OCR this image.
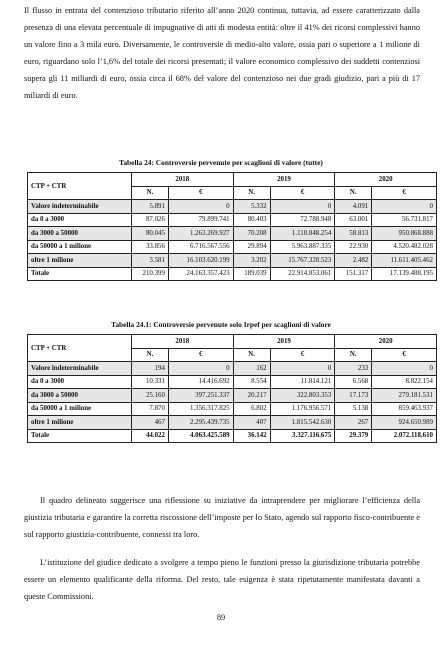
Il flusso in entrata del contenzioso tributario riferito all’anno 2020 continua, tuttavia, ad essere caratterizzato dalla presenza di una elevata percentuale di impugnative di atti di modesta entità: oltre il 41% dei ricorsi complessivi hanno un valore fino a 3 mila euro. Diversamente, le controversie di medio-alto valore, ossia pari o superiore a 1 milione di euro, riguardano solo l’1,6% del totale dei ricorsi presentati; il valore economico complessivo dei suddetti contenziosi supera gli 11 miliardi di euro, ossia circa il 68% del valore del contenzioso nei due gradi giudizio, pari a più di 17 miliardi di euro.

Tabella 24: Controversie pervenute per scaglioni di valore (tutte)

CTP + CTR	2018		2019		2020	
	N.	€	N.	€	N.	€
Valore indeterminabile	5.891	0	5.332	0	4.091	0
da 0 a 3000	87.026	79.899.741	80.403	72.788.948	63.001	56.731.817
da 3000 a 50000	80.045	1.263.269.927	70.208	1.110.848.254	58.813	950.868.888
da 50000 a 1 milione	33.856	6.716.567.556	29.894	5.963.887.335	22.930	4.520.482.028
oltre 1 milione	3.581	16.103.620.199	3.202	15.767.328.523	2.482	11.611.405.462
Totale	210.399	24.163.357.423	189.039	22.914.853.061	151.317	17.139.488.195

Tabella 24.1: Controversie pervenute solo Irpef per scaglioni di valore

CTP + CTR	2018		2019		2020	
	N.	€	N.	€	N.	€
Valore indeterminabile	194	0	162	0	233	0
da 0 a 3000	10.331	14.416.692	8.554	11.814.121	6.568	8.822.154
da 3000 a 50000	25.160	397.251.337	20.217	322.803.353	17.173	279.181.531
da 50000 a 1 milione	7.870	1.356.317.825	6.802	1.176.956.571	5.138	859.463.937
oltre 1 milione	467	2.295.439.735	407	1.815.542.630	267	924.650.989
Totale	44.022	4.063.425.589	36.142	3.327.116.675	29.379	2.072.118.610

Il quadro delineato suggerisce una riflessione su iniziative da intraprendere per migliorare l’efficienza della giustizia tributaria e garantire la corretta riscossione dell’imposte per lo Stato, agendo sul rapporto fisco-contribuente e sul rapporto giustizia-contribuente, connessi tra loro.

L’istituzione del giudice dedicato a svolgere a tempo pieno le funzioni presso la giurisdizione tributaria potrebbe essere un elemento qualificante della riforma. Del resto, tale esigenza è stata ripetutamente manifestata davanti a queste Commissioni.

89
